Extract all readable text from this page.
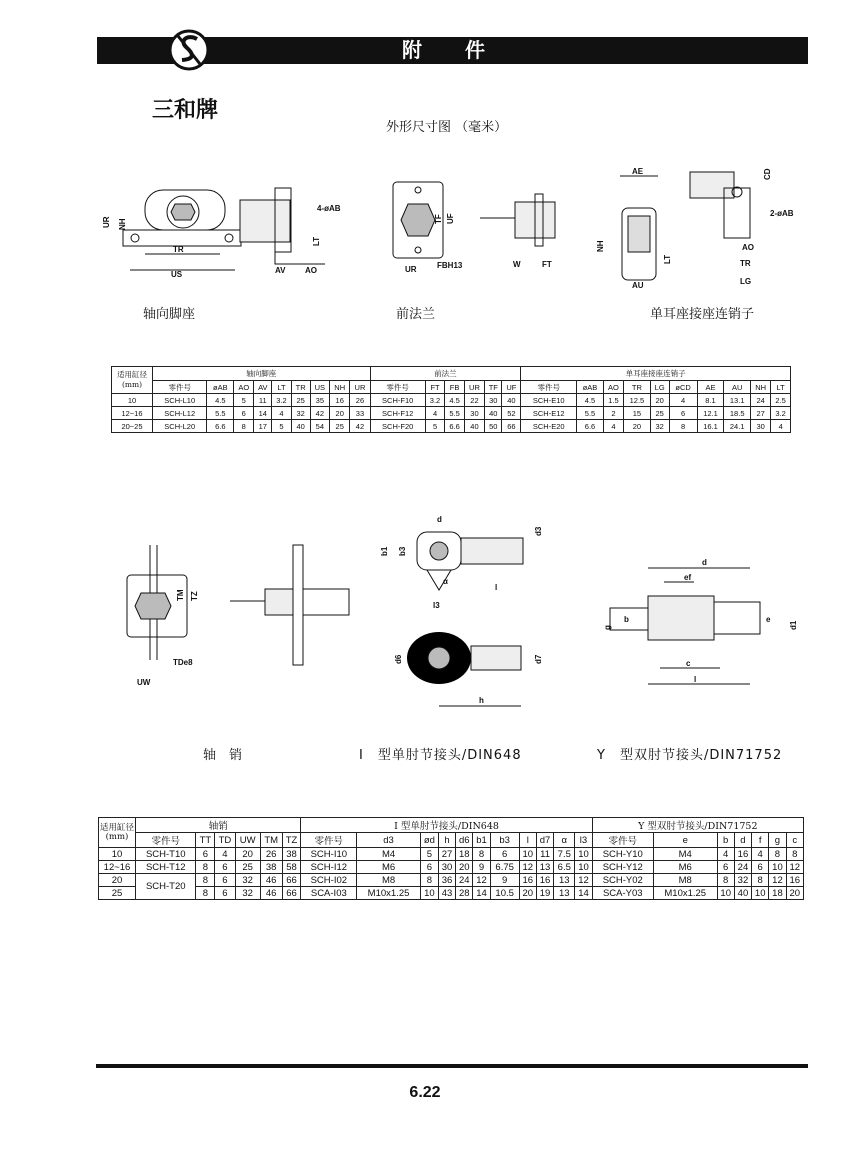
附 件
三和牌
外形尺寸图 （毫米）
UR NH
TR
US
4-øAB
LT
AV AO
UF
TF
UR	FBH13	W	FT
AE
NH
LT
AU
CD
2-øAB
AO
TR
LG
轴向脚座	前法兰	单耳座接座连销子
适用缸径(mm)	轴向脚座									前法兰						单耳座接座连销子									
	零件号	øAB	AO	AV	LT	TR	US	NH	UR	零件号	FT	FB	UR	TF	UF	零件号	øAB	AO	TR	LG	øCD	AE	AU	NH	LT
10	SCH-L10	4.5	5	11	3.2	25	35	16	26	SCH-F10	3.2	4.5	22	30	40	SCH-E10	4.5	1.5	12.5	20	4	8.1	13.1	24	2.5
12~16	SCH-L12	5.5	6	14	4	32	42	20	33	SCH-F12	4	5.5	30	40	52	SCH-E12	5.5	2	15	25	6	12.1	18.5	27	3.2
20~25	SCH-L20	6.6	8	17	5	40	54	25	42	SCH-F20	5	6.6	40	50	66	SCH-E20	6.6	4	20	32	8	16.1	24.1	30	4
TM TZ
TDe8
UW
d
b1 b3
d3
l3
l
α
d6	d7
h
d
ef
g
b	e
d1
c
l
轴　销	I　型单肘节接头/DIN648	Y　型双肘节接头/DIN71752
适用缸径(mm)	轴销						I 型单肘节接头/DIN648											Y 型双肘节接头/DIN71752						
	零件号	TT	TD	UW	TM	TZ	零件号	d3	ød	h	d6	b1	b3	l	d7	α	l3	零件号	e	b	d	f	g	c
10	SCH-T10	6	4	20	26	38	SCH-I10	M4	5	27	18	8	6	10	11	7.5	10	SCH-Y10	M4	4	16	4	8	8
12~16	SCH-T12	8	6	25	38	58	SCH-I12	M6	6	30	20	9	6.75	12	13	6.5	10	SCH-Y12	M6	6	24	6	10	12
20	SCH-T20	8	6	32	46	66	SCH-I02	M8	8	36	24	12	9	16	16	13	12	SCH-Y02	M8	8	32	8	12	16
25		8	6	32	46	66	SCA-I03	M10x1.25	10	43	28	14	10.5	20	19	13	14	SCA-Y03	M10x1.25	10	40	10	18	20
6.22
